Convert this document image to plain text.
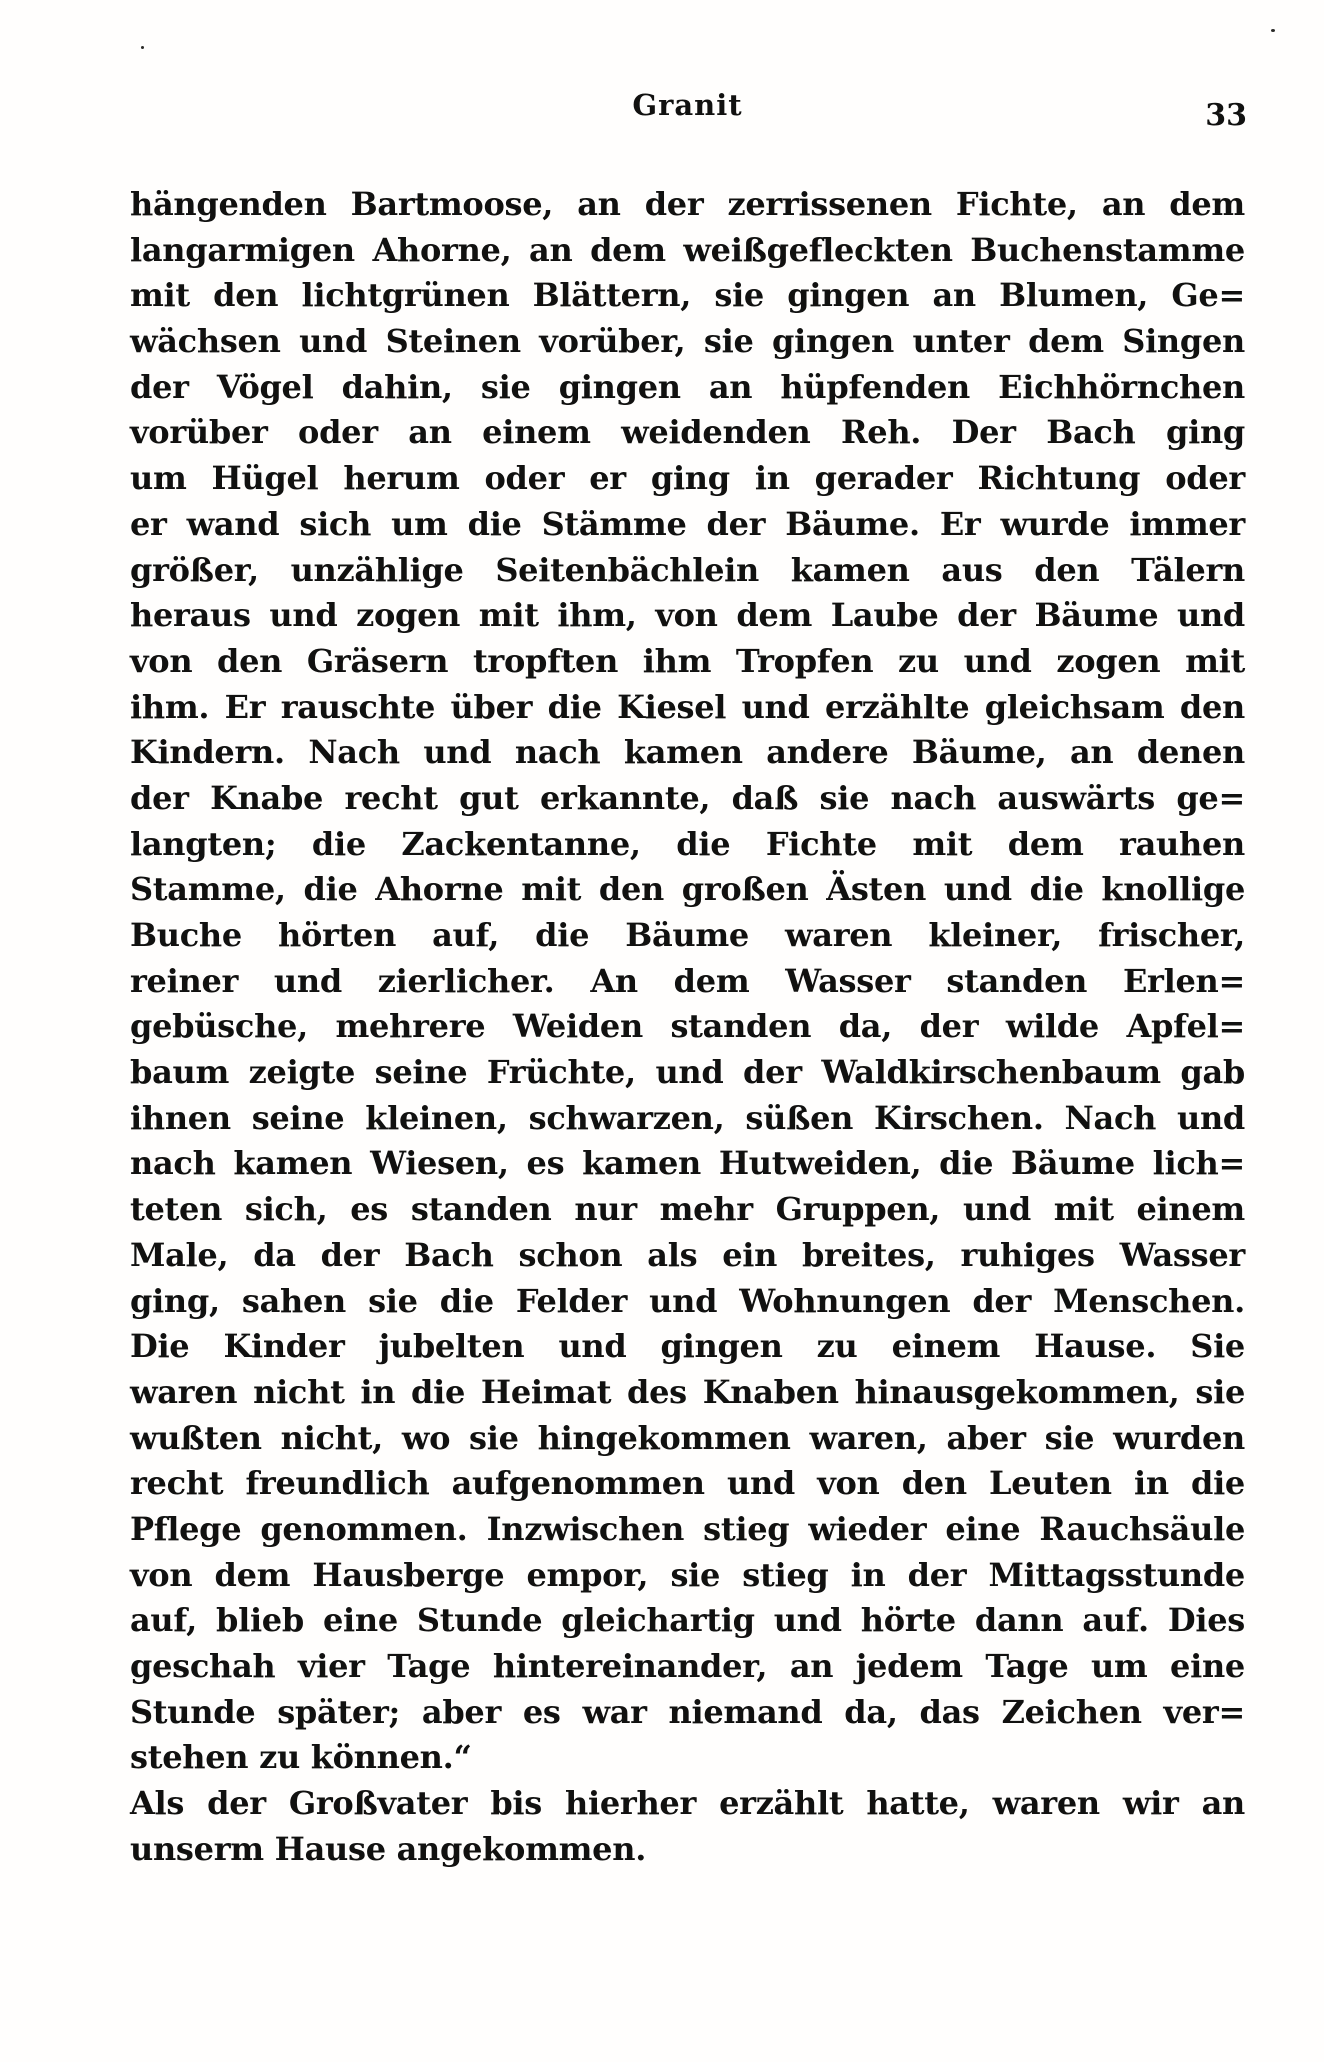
Granit	33
hängenden Bartmoose, an der zerrissenen Fichte, an dem
langarmigen Ahorne, an dem weißgefleckten Buchenstamme
mit den lichtgrünen Blättern, sie gingen an Blumen, Ge=
wächsen und Steinen vorüber, sie gingen unter dem Singen
der Vögel dahin, sie gingen an hüpfenden Eichhörnchen
vorüber oder an einem weidenden Reh. Der Bach ging
um Hügel herum oder er ging in gerader Richtung oder
er wand sich um die Stämme der Bäume. Er wurde immer
größer, unzählige Seitenbächlein kamen aus den Tälern
heraus und zogen mit ihm, von dem Laube der Bäume und
von den Gräsern tropften ihm Tropfen zu und zogen mit
ihm. Er rauschte über die Kiesel und erzählte gleichsam den
Kindern. Nach und nach kamen andere Bäume, an denen
der Knabe recht gut erkannte, daß sie nach auswärts ge=
langten; die Zackentanne, die Fichte mit dem rauhen
Stamme, die Ahorne mit den großen Ästen und die knollige
Buche hörten auf, die Bäume waren kleiner, frischer,
reiner und zierlicher. An dem Wasser standen Erlen=
gebüsche, mehrere Weiden standen da, der wilde Apfel=
baum zeigte seine Früchte, und der Waldkirschenbaum gab
ihnen seine kleinen, schwarzen, süßen Kirschen. Nach und
nach kamen Wiesen, es kamen Hutweiden, die Bäume lich=
teten sich, es standen nur mehr Gruppen, und mit einem
Male, da der Bach schon als ein breites, ruhiges Wasser
ging, sahen sie die Felder und Wohnungen der Menschen.
Die Kinder jubelten und gingen zu einem Hause. Sie
waren nicht in die Heimat des Knaben hinausgekommen, sie
wußten nicht, wo sie hingekommen waren, aber sie wurden
recht freundlich aufgenommen und von den Leuten in die
Pflege genommen. Inzwischen stieg wieder eine Rauchsäule
von dem Hausberge empor, sie stieg in der Mittagsstunde
auf, blieb eine Stunde gleichartig und hörte dann auf. Dies
geschah vier Tage hintereinander, an jedem Tage um eine
Stunde später; aber es war niemand da, das Zeichen ver=
stehen zu können.“
Als der Großvater bis hierher erzählt hatte, waren wir an
unserm Hause angekommen.
